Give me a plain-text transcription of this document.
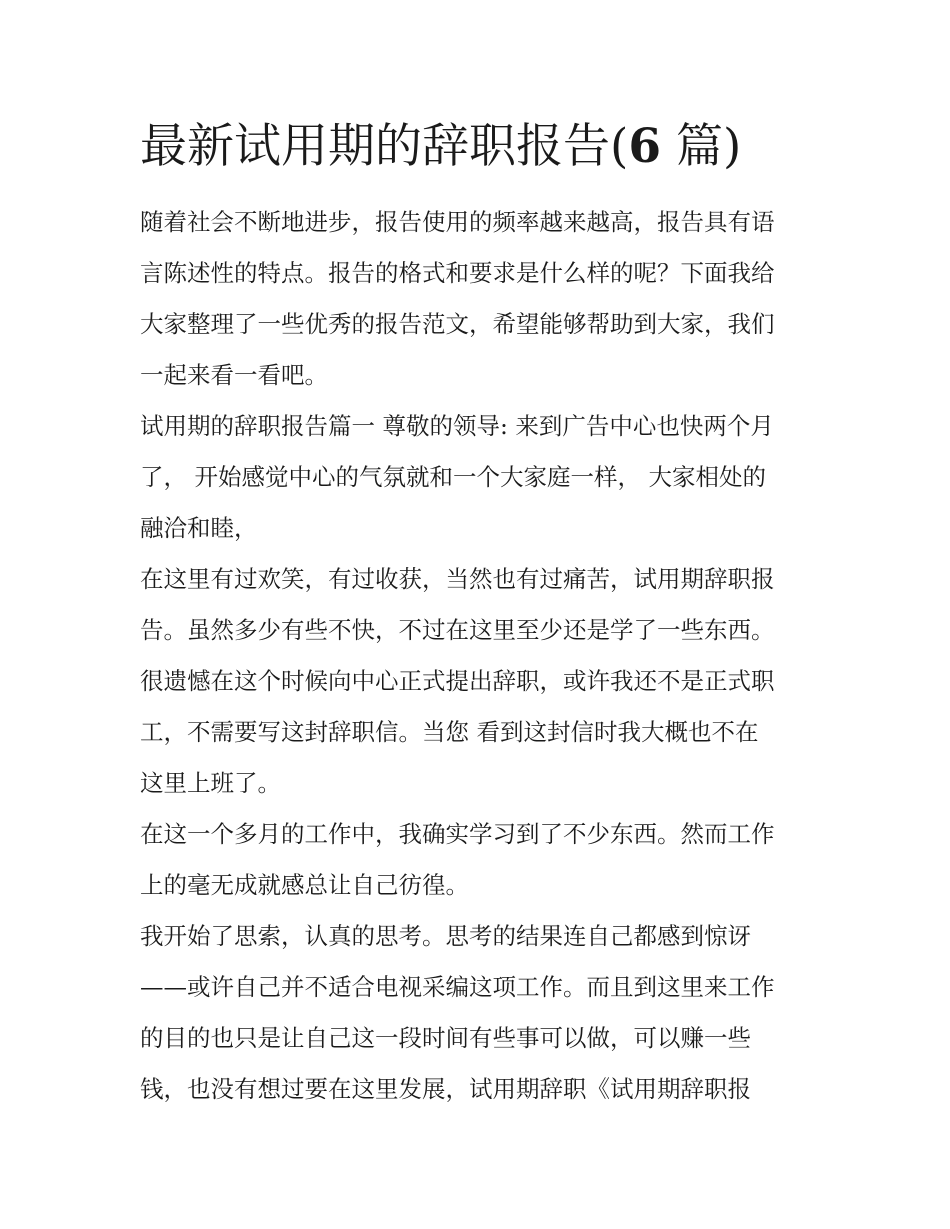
最新试用期的辞职报告(6 篇)

随着社会不断地进步，报告使用的频率越来越高，报告具有语

言陈述性的特点。报告的格式和要求是什么样的呢？下面我给

大家整理了一些优秀的报告范文，希望能够帮助到大家，我们

一起来看一看吧。

试用期的辞职报告篇一 尊敬的领导: 来到广告中心也快两个月

了， 开始感觉中心的气氛就和一个大家庭一样， 大家相处的

融洽和睦，

在这里有过欢笑，有过收获，当然也有过痛苦，试用期辞职报

告。虽然多少有些不快，不过在这里至少还是学了一些东西。

很遗憾在这个时候向中心正式提出辞职，或许我还不是正式职

工，不需要写这封辞职信。当您 看到这封信时我大概也不在

这里上班了。

在这一个多月的工作中，我确实学习到了不少东西。然而工作

上的毫无成就感总让自己彷徨。

我开始了思索，认真的思考。思考的结果连自己都感到惊讶

——或许自己并不适合电视采编这项工作。而且到这里来工作

的目的也只是让自己这一段时间有些事可以做，可以赚一些

钱，也没有想过要在这里发展，试用期辞职《试用期辞职报
